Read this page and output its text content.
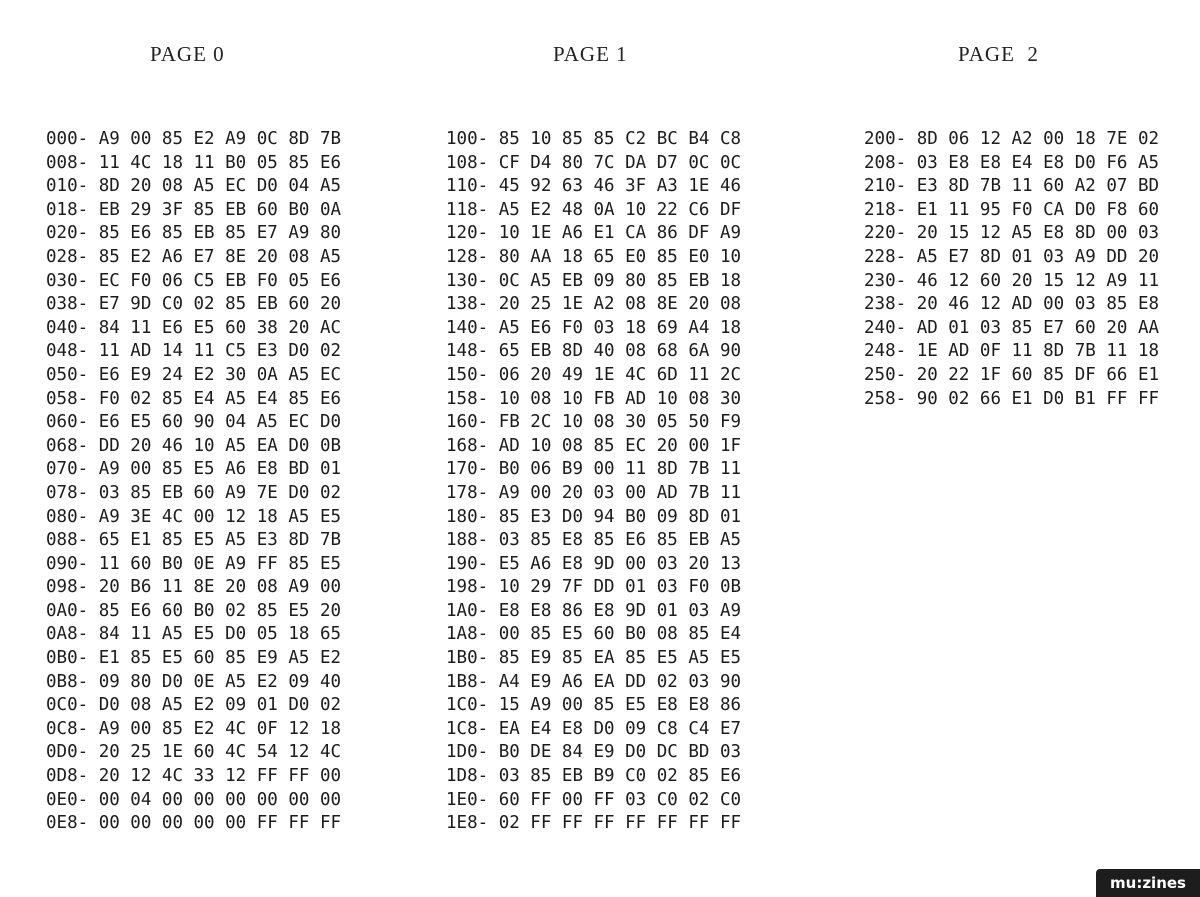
PAGE 0	PAGE 1	PAGE  2
000- A9 00 85 E2 A9 0C 8D 7B
008- 11 4C 18 11 B0 05 85 E6
010- 8D 20 08 A5 EC D0 04 A5
018- EB 29 3F 85 EB 60 B0 0A
020- 85 E6 85 EB 85 E7 A9 80
028- 85 E2 A6 E7 8E 20 08 A5
030- EC F0 06 C5 EB F0 05 E6
038- E7 9D C0 02 85 EB 60 20
040- 84 11 E6 E5 60 38 20 AC
048- 11 AD 14 11 C5 E3 D0 02
050- E6 E9 24 E2 30 0A A5 EC
058- F0 02 85 E4 A5 E4 85 E6
060- E6 E5 60 90 04 A5 EC D0
068- DD 20 46 10 A5 EA D0 0B
070- A9 00 85 E5 A6 E8 BD 01
078- 03 85 EB 60 A9 7E D0 02
080- A9 3E 4C 00 12 18 A5 E5
088- 65 E1 85 E5 A5 E3 8D 7B
090- 11 60 B0 0E A9 FF 85 E5
098- 20 B6 11 8E 20 08 A9 00
0A0- 85 E6 60 B0 02 85 E5 20
0A8- 84 11 A5 E5 D0 05 18 65
0B0- E1 85 E5 60 85 E9 A5 E2
0B8- 09 80 D0 0E A5 E2 09 40
0C0- D0 08 A5 E2 09 01 D0 02
0C8- A9 00 85 E2 4C 0F 12 18
0D0- 20 25 1E 60 4C 54 12 4C
0D8- 20 12 4C 33 12 FF FF 00
0E0- 00 04 00 00 00 00 00 00
0E8- 00 00 00 00 00 FF FF FF
100- 85 10 85 85 C2 BC B4 C8
108- CF D4 80 7C DA D7 0C 0C
110- 45 92 63 46 3F A3 1E 46
118- A5 E2 48 0A 10 22 C6 DF
120- 10 1E A6 E1 CA 86 DF A9
128- 80 AA 18 65 E0 85 E0 10
130- 0C A5 EB 09 80 85 EB 18
138- 20 25 1E A2 08 8E 20 08
140- A5 E6 F0 03 18 69 A4 18
148- 65 EB 8D 40 08 68 6A 90
150- 06 20 49 1E 4C 6D 11 2C
158- 10 08 10 FB AD 10 08 30
160- FB 2C 10 08 30 05 50 F9
168- AD 10 08 85 EC 20 00 1F
170- B0 06 B9 00 11 8D 7B 11
178- A9 00 20 03 00 AD 7B 11
180- 85 E3 D0 94 B0 09 8D 01
188- 03 85 E8 85 E6 85 EB A5
190- E5 A6 E8 9D 00 03 20 13
198- 10 29 7F DD 01 03 F0 0B
1A0- E8 E8 86 E8 9D 01 03 A9
1A8- 00 85 E5 60 B0 08 85 E4
1B0- 85 E9 85 EA 85 E5 A5 E5
1B8- A4 E9 A6 EA DD 02 03 90
1C0- 15 A9 00 85 E5 E8 E8 86
1C8- EA E4 E8 D0 09 C8 C4 E7
1D0- B0 DE 84 E9 D0 DC BD 03
1D8- 03 85 EB B9 C0 02 85 E6
1E0- 60 FF 00 FF 03 C0 02 C0
1E8- 02 FF FF FF FF FF FF FF
200- 8D 06 12 A2 00 18 7E 02
208- 03 E8 E8 E4 E8 D0 F6 A5
210- E3 8D 7B 11 60 A2 07 BD
218- E1 11 95 F0 CA D0 F8 60
220- 20 15 12 A5 E8 8D 00 03
228- A5 E7 8D 01 03 A9 DD 20
230- 46 12 60 20 15 12 A9 11
238- 20 46 12 AD 00 03 85 E8
240- AD 01 03 85 E7 60 20 AA
248- 1E AD 0F 11 8D 7B 11 18
250- 20 22 1F 60 85 DF 66 E1
258- 90 02 66 E1 D0 B1 FF FF
mu:zines
